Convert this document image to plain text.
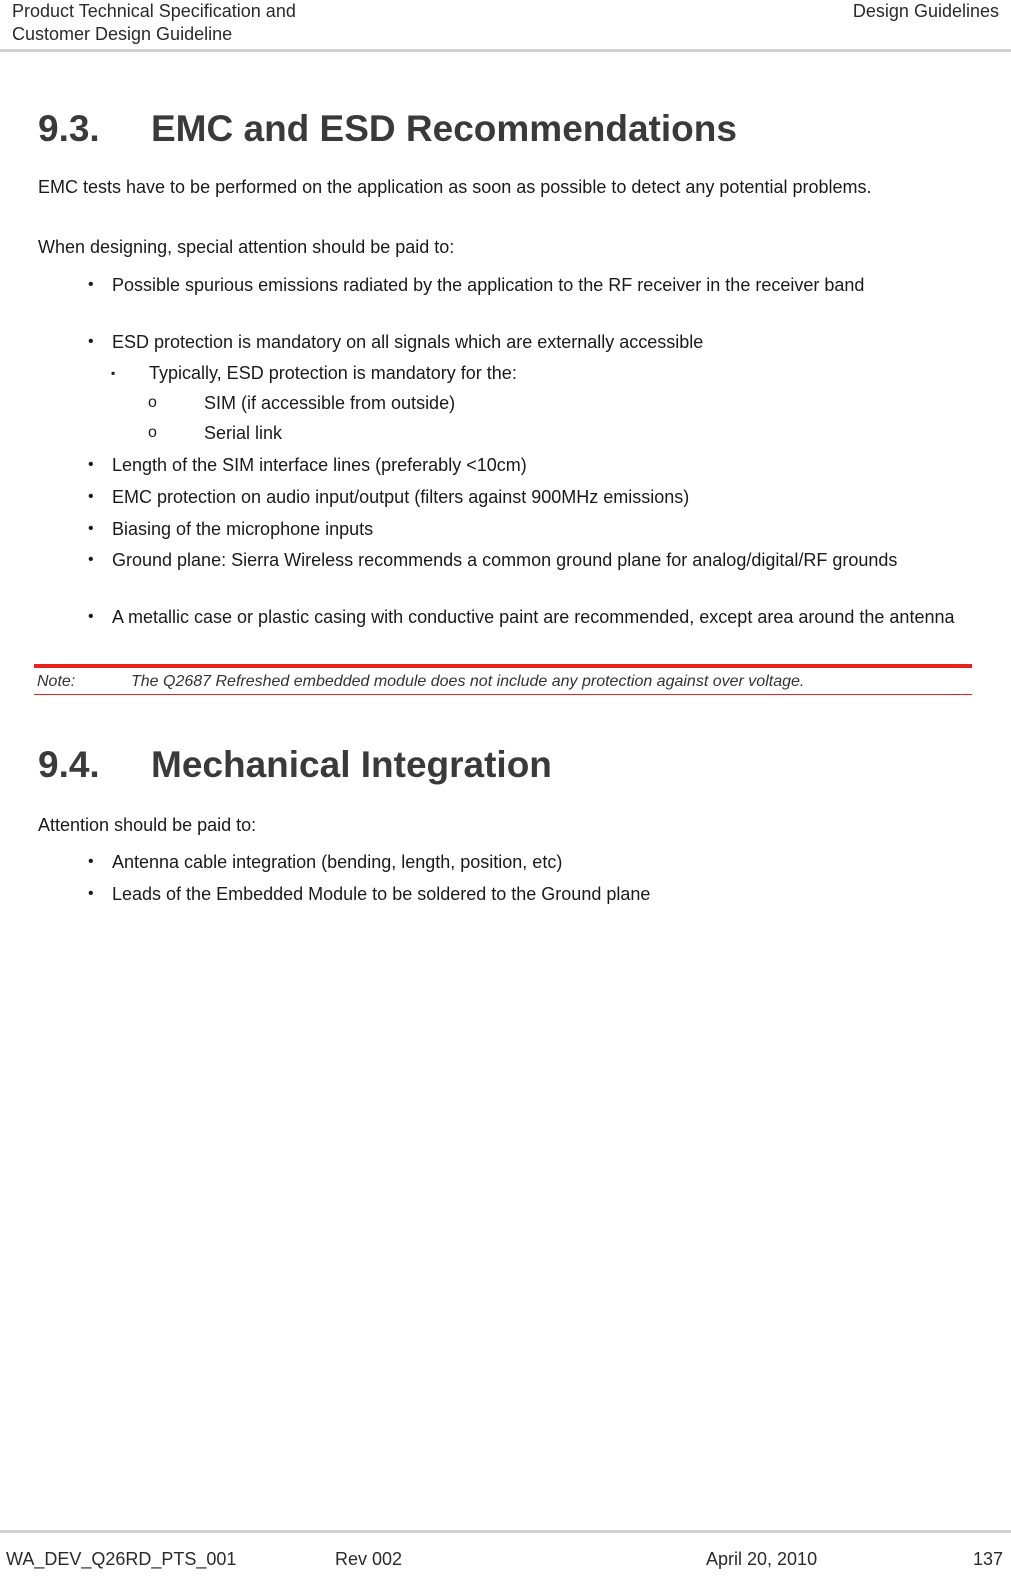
Product Technical Specification and
Customer Design Guideline
Design Guidelines
9.3. EMC and ESD Recommendations
EMC tests have to be performed on the application as soon as possible to detect any potential problems.
When designing, special attention should be paid to:
• Possible spurious emissions radiated by the application to the RF receiver in the receiver band
• ESD protection is mandatory on all signals which are externally accessible
▪ Typically, ESD protection is mandatory for the:
o	SIM (if accessible from outside)
o	Serial link
• Length of the SIM interface lines (preferably <10cm)
• EMC protection on audio input/output (filters against 900MHz emissions)
• Biasing of the microphone inputs
• Ground plane: Sierra Wireless recommends a common ground plane for analog/digital/RF grounds
• A metallic case or plastic casing with conductive paint are recommended, except area around the antenna
Note:	The Q2687 Refreshed embedded module does not include any protection against over voltage.
9.4. Mechanical Integration
Attention should be paid to:
• Antenna cable integration (bending, length, position, etc)
• Leads of the Embedded Module to be soldered to the Ground plane
WA_DEV_Q26RD_PTS_001	Rev 002	April 20, 2010	137
